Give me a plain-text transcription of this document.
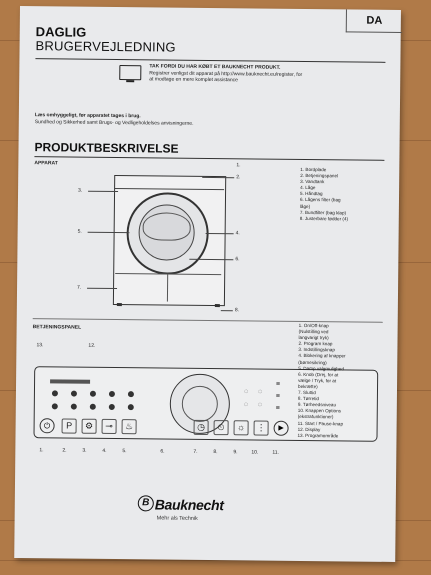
DA
DAGLIG
BRUGERVEJLEDNING
TAK FORDI DU HAR KØBT ET BAUKNECHT PRODUKT.
Registrer venligst dit apparat på http://www.bauknecht.eu/register, for
at modtage en mere komplet assistance
Læs omhyggeligt, før apparatet tages i brug.
Sundhed og Sikkerhed samt Brugs- og Vedligeholdelses anvisningerne.
PRODUKTBESKRIVELSE
APPARAT	1.
2.
3.
4.
5.
6.
7.
8.
1. Bordplade
2. Betjeningspanel
3. Vandtank
4. Låge
5. Håndtag
6. Lågens filter (bag
låge)
7. Bundfilter (bag klap)
8. Justerbare fødder (4)
BETJENINGSPANEL
13.	12.
◌ ◌
◌ ◌
≡
≡
≡
⏻	P	⚙	⊸	♨	◷	⏲	☼	⋮	▶
1.	2.	3.	4.	5.	6.	7.	8.	9.	10.	11.
1. On/Off-knap
(Nulstilling ved
langvarigt tryk)
2. Program knap
3. Indstillingsknap
4. Blokering af knapper
(børnesikring)
5. Damp valgmulighed
6. Knob (Drej, for at
vælge / Tryk, for at
bekræfte)
7. Sluttid
8. Tørretid
9. Tørheedsniveau
10. Knappen Options
(ekstrafunktioner)
11. Start / Pause-knap
12. Display
13. Programområde
B Bauknecht
Mehr als Technik
